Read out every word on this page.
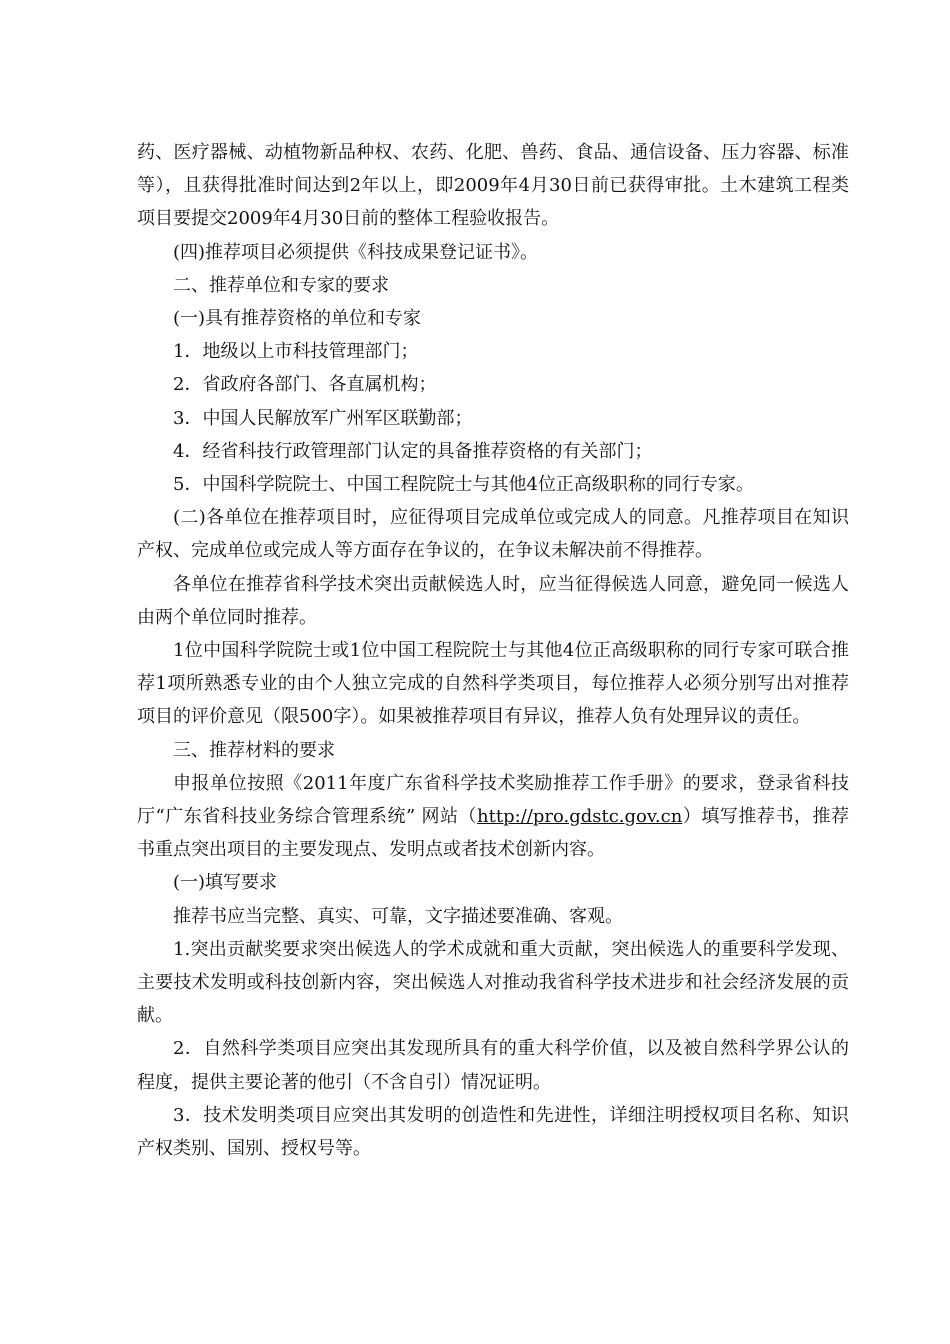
药、医疗器械、动植物新品种权、农药、化肥、兽药、食品、通信设备、压力容器、标准等），且获得批准时间达到2年以上，即2009年4月30日前已获得审批。土木建筑工程类项目要提交2009年4月30日前的整体工程验收报告。

(四)推荐项目必须提供《科技成果登记证书》。

二、推荐单位和专家的要求

(一)具有推荐资格的单位和专家

1．地级以上市科技管理部门；

2．省政府各部门、各直属机构；

3．中国人民解放军广州军区联勤部；

4．经省科技行政管理部门认定的具备推荐资格的有关部门；

5．中国科学院院士、中国工程院院士与其他4位正高级职称的同行专家。

(二)各单位在推荐项目时，应征得项目完成单位或完成人的同意。凡推荐项目在知识产权、完成单位或完成人等方面存在争议的，在争议未解决前不得推荐。

各单位在推荐省科学技术突出贡献候选人时，应当征得候选人同意，避免同一候选人由两个单位同时推荐。

1位中国科学院院士或1位中国工程院院士与其他4位正高级职称的同行专家可联合推荐1项所熟悉专业的由个人独立完成的自然科学类项目，每位推荐人必须分别写出对推荐项目的评价意见（限500字）。如果被推荐项目有异议，推荐人负有处理异议的责任。

三、推荐材料的要求

申报单位按照《2011年度广东省科学技术奖励推荐工作手册》的要求，登录省科技厅“广东省科技业务综合管理系统” 网站（http://pro.gdstc.gov.cn）填写推荐书，推荐书重点突出项目的主要发现点、发明点或者技术创新内容。

(一)填写要求

推荐书应当完整、真实、可靠，文字描述要准确、客观。

1.突出贡献奖要求突出候选人的学术成就和重大贡献，突出候选人的重要科学发现、主要技术发明或科技创新内容，突出候选人对推动我省科学技术进步和社会经济发展的贡献。

2．自然科学类项目应突出其发现所具有的重大科学价值，以及被自然科学界公认的程度，提供主要论著的他引（不含自引）情况证明。

3．技术发明类项目应突出其发明的创造性和先进性，详细注明授权项目名称、知识产权类别、国别、授权号等。
